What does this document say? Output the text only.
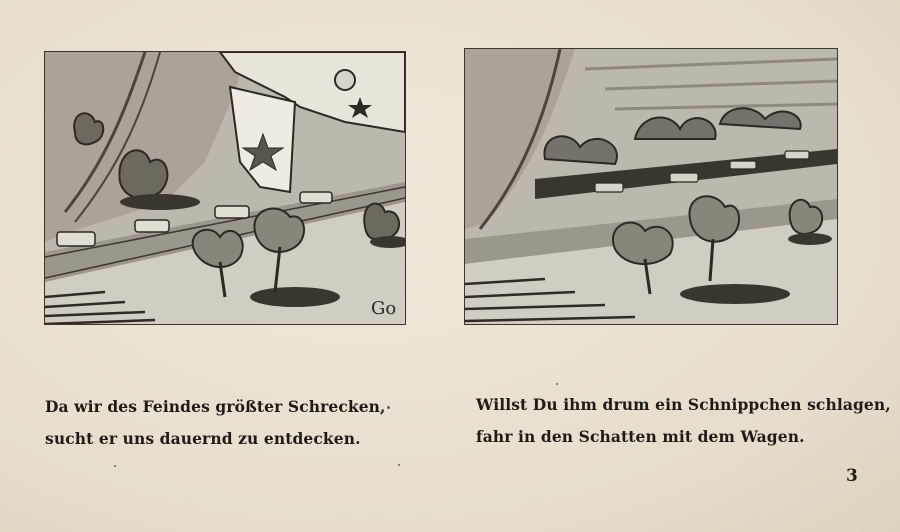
Go
Da wir des Feindes größter Schrecken,
sucht er uns dauernd zu entdecken.
Willst Du ihm drum ein Schnippchen schlagen,
fahr in den Schatten mit dem Wagen.
3
